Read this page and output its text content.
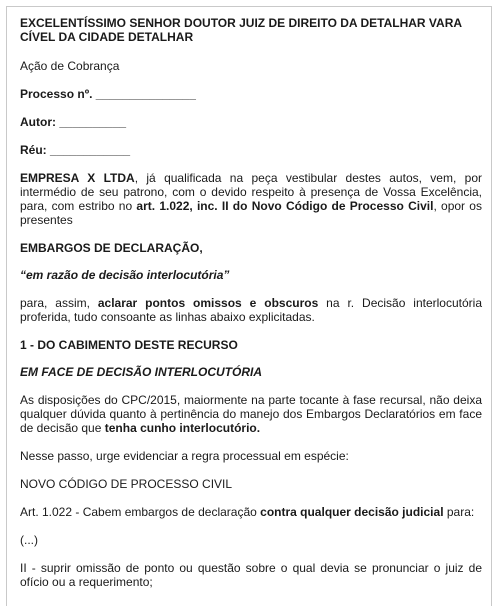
EXCELENTÍSSIMO SENHOR DOUTOR JUIZ DE DIREITO DA DETALHAR VARA
CÍVEL DA CIDADE DETALHAR

Ação de Cobrança

Processo nº. _______________

Autor: __________

Réu: ____________

EMPRESA X LTDA, já qualificada na peça vestibular destes autos, vem, por intermédio de seu patrono, com o devido respeito à presença de Vossa Excelência, para, com estribo no art. 1.022, inc. II do Novo Código de Processo Civil, opor os presentes

EMBARGOS DE DECLARAÇÃO,

“em razão de decisão interlocutória”

para, assim, aclarar pontos omissos e obscuros na r. Decisão interlocutória proferida, tudo consoante as linhas abaixo explicitadas.

1 - DO CABIMENTO DESTE RECURSO

EM FACE DE DECISÃO INTERLOCUTÓRIA

As disposições do CPC/2015, maiormente na parte tocante à fase recursal, não deixa qualquer dúvida quanto à pertinência do manejo dos Embargos Declaratórios em face de decisão que tenha cunho interlocutório.

Nesse passo, urge evidenciar a regra processual em espécie:

NOVO CÓDIGO DE PROCESSO CIVIL

Art. 1.022 - Cabem embargos de declaração contra qualquer decisão judicial para:

(...)

II - suprir omissão de ponto ou questão sobre o qual devia se pronunciar o juiz de ofício ou a requerimento;
